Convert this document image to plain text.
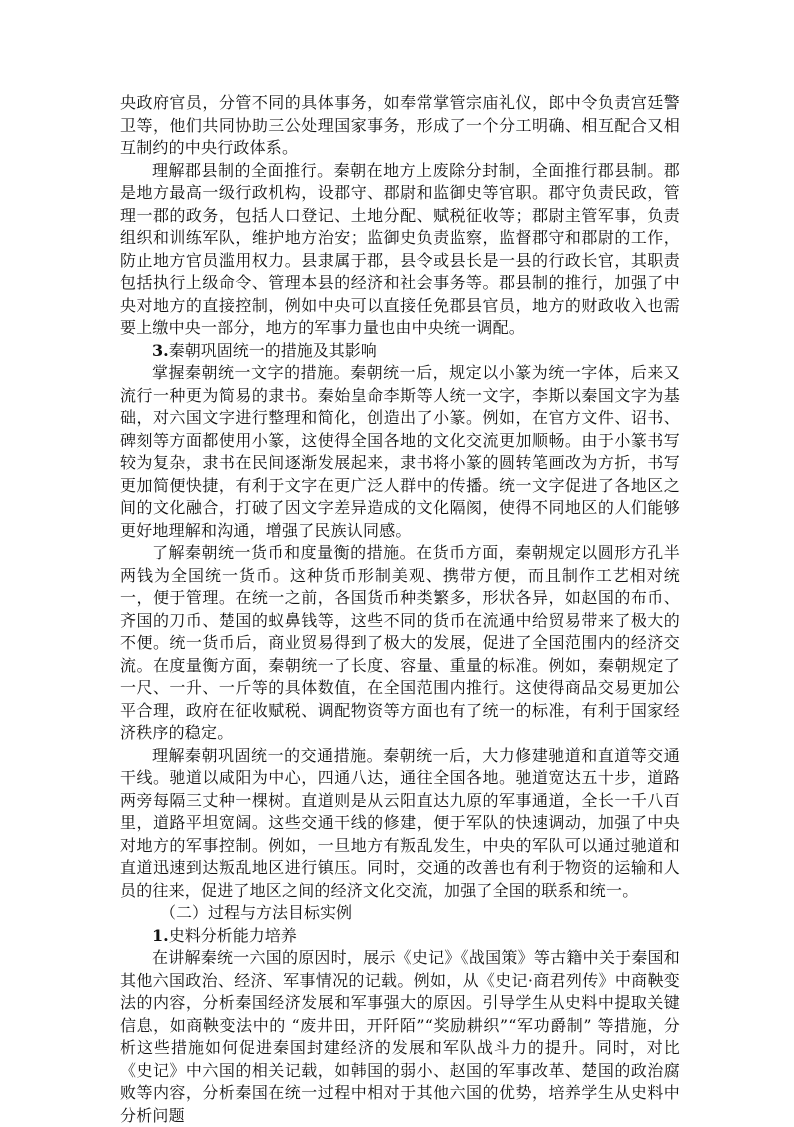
央政府官员，分管不同的具体事务，如奉常掌管宗庙礼仪，郎中令负责宫廷警卫等，他们共同协助三公处理国家事务，形成了一个分工明确、相互配合又相互制约的中央行政体系。

理解郡县制的全面推行。秦朝在地方上废除分封制，全面推行郡县制。郡是地方最高一级行政机构，设郡守、郡尉和监御史等官职。郡守负责民政，管理一郡的政务，包括人口登记、土地分配、赋税征收等；郡尉主管军事，负责组织和训练军队，维护地方治安；监御史负责监察，监督郡守和郡尉的工作，防止地方官员滥用权力。县隶属于郡，县令或县长是一县的行政长官，其职责包括执行上级命令、管理本县的经济和社会事务等。郡县制的推行，加强了中央对地方的直接控制，例如中央可以直接任免郡县官员，地方的财政收入也需要上缴中央一部分，地方的军事力量也由中央统一调配。

3.秦朝巩固统一的措施及其影响

掌握秦朝统一文字的措施。秦朝统一后，规定以小篆为统一字体，后来又流行一种更为简易的隶书。秦始皇命李斯等人统一文字，李斯以秦国文字为基础，对六国文字进行整理和简化，创造出了小篆。例如，在官方文件、诏书、碑刻等方面都使用小篆，这使得全国各地的文化交流更加顺畅。由于小篆书写较为复杂，隶书在民间逐渐发展起来，隶书将小篆的圆转笔画改为方折，书写更加简便快捷，有利于文字在更广泛人群中的传播。统一文字促进了各地区之间的文化融合，打破了因文字差异造成的文化隔阂，使得不同地区的人们能够更好地理解和沟通，增强了民族认同感。

了解秦朝统一货币和度量衡的措施。在货币方面，秦朝规定以圆形方孔半两钱为全国统一货币。这种货币形制美观、携带方便，而且制作工艺相对统一，便于管理。在统一之前，各国货币种类繁多，形状各异，如赵国的布币、齐国的刀币、楚国的蚁鼻钱等，这些不同的货币在流通中给贸易带来了极大的不便。统一货币后，商业贸易得到了极大的发展，促进了全国范围内的经济交流。在度量衡方面，秦朝统一了长度、容量、重量的标准。例如，秦朝规定了一尺、一升、一斤等的具体数值，在全国范围内推行。这使得商品交易更加公平合理，政府在征收赋税、调配物资等方面也有了统一的标准，有利于国家经济秩序的稳定。

理解秦朝巩固统一的交通措施。秦朝统一后，大力修建驰道和直道等交通干线。驰道以咸阳为中心，四通八达，通往全国各地。驰道宽达五十步，道路两旁每隔三丈种一棵树。直道则是从云阳直达九原的军事通道，全长一千八百里，道路平坦宽阔。这些交通干线的修建，便于军队的快速调动，加强了中央对地方的军事控制。例如，一旦地方有叛乱发生，中央的军队可以通过驰道和直道迅速到达叛乱地区进行镇压。同时，交通的改善也有利于物资的运输和人员的往来，促进了地区之间的经济文化交流，加强了全国的联系和统一。

（二）过程与方法目标实例

1.史料分析能力培养

在讲解秦统一六国的原因时，展示《史记》《战国策》等古籍中关于秦国和其他六国政治、经济、军事情况的记载。例如，从《史记·商君列传》中商鞅变法的内容，分析秦国经济发展和军事强大的原因。引导学生从史料中提取关键信息，如商鞅变法中的 “废井田，开阡陌”“奖励耕织”“军功爵制” 等措施，分析这些措施如何促进秦国封建经济的发展和军队战斗力的提升。同时，对比《史记》中六国的相关记载，如韩国的弱小、赵国的军事改革、楚国的政治腐败等内容，分析秦国在统一过程中相对于其他六国的优势，培养学生从史料中分析问题
